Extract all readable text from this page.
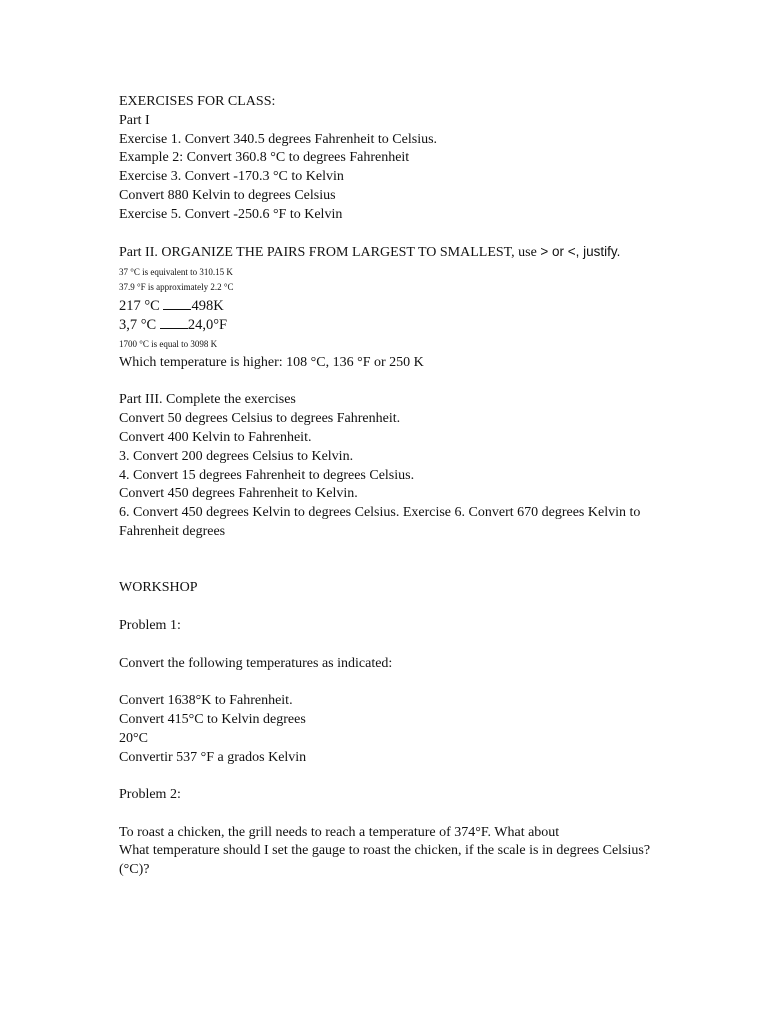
EXERCISES FOR CLASS:
Part I
Exercise 1. Convert 340.5 degrees Fahrenheit to Celsius.
Example 2: Convert 360.8 °C to degrees Fahrenheit
Exercise 3. Convert -170.3 °C to Kelvin
Convert 880 Kelvin to degrees Celsius
Exercise 5. Convert -250.6 °F to Kelvin
Part II. ORGANIZE THE PAIRS FROM LARGEST TO SMALLEST, use > or <, justify.
37 °C is equivalent to 310.15 K
37.9 °F is approximately 2.2 °C
217 °C 498K
3,7 °C 24,0°F
1700 °C is equal to 3098 K
Which temperature is higher: 108 °C, 136 °F or 250 K
Part III. Complete the exercises
Convert 50 degrees Celsius to degrees Fahrenheit.
Convert 400 Kelvin to Fahrenheit.
3. Convert 200 degrees Celsius to Kelvin.
4. Convert 15 degrees Fahrenheit to degrees Celsius.
Convert 450 degrees Fahrenheit to Kelvin.
6. Convert 450 degrees Kelvin to degrees Celsius. Exercise 6. Convert 670 degrees Kelvin to Fahrenheit degrees
WORKSHOP
Problem 1:
Convert the following temperatures as indicated:
Convert 1638°K to Fahrenheit.
Convert 415°C to Kelvin degrees
20°C
Convertir 537 °F a grados Kelvin
Problem 2:
To roast a chicken, the grill needs to reach a temperature of 374°F. What about
What temperature should I set the gauge to roast the chicken, if the scale is in degrees Celsius?
(°C)?
